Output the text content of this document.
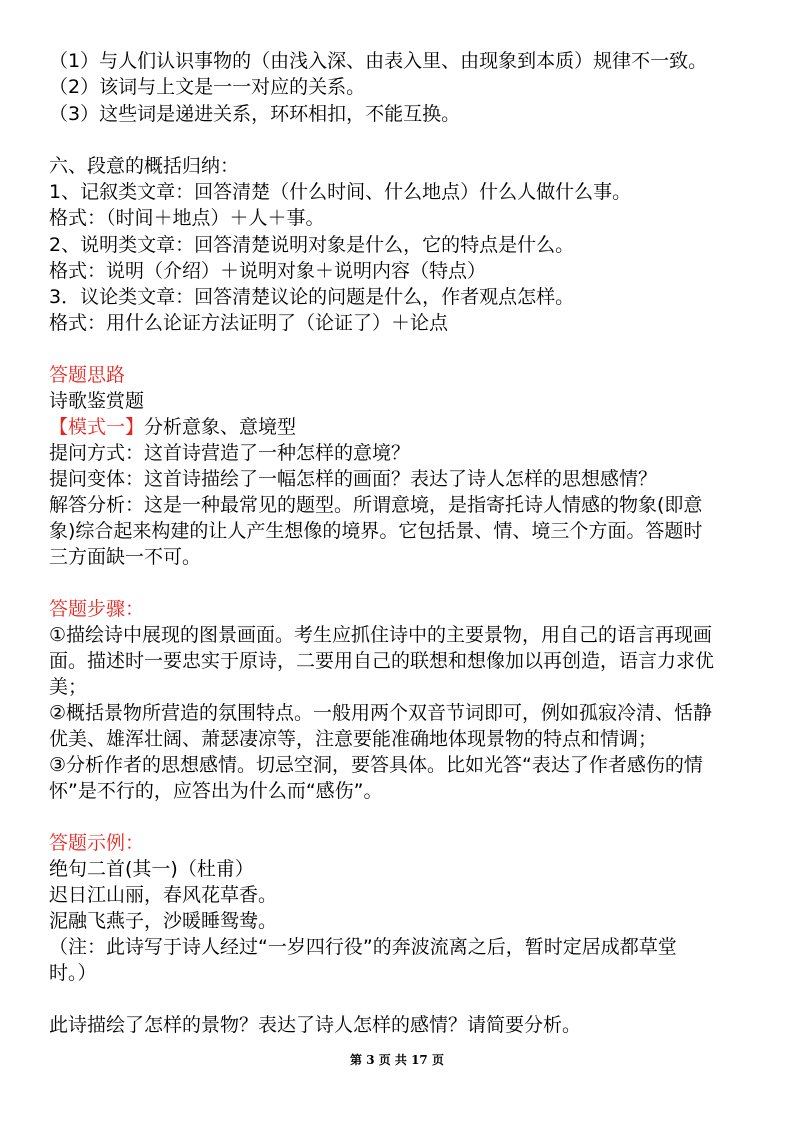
（1）与人们认识事物的（由浅入深、由表入里、由现象到本质）规律不一致。
（2）该词与上文是一一对应的关系。
（3）这些词是递进关系，环环相扣，不能互换。
六、段意的概括归纳：
1、记叙类文章：回答清楚（什么时间、什么地点）什么人做什么事。
格式：（时间＋地点）＋人＋事。
2、说明类文章：回答清楚说明对象是什么，它的特点是什么。
格式：说明（介绍）＋说明对象＋说明内容（特点）
3．议论类文章：回答清楚议论的问题是什么，作者观点怎样。
格式：用什么论证方法证明了（论证了）＋论点
答题思路
诗歌鉴赏题
【模式一】分析意象、意境型
提问方式：这首诗营造了一种怎样的意境？
提问变体：这首诗描绘了一幅怎样的画面？表达了诗人怎样的思想感情？
解答分析：这是一种最常见的题型。所谓意境，是指寄托诗人情感的物象(即意
象)综合起来构建的让人产生想像的境界。它包括景、情、境三个方面。答题时
三方面缺一不可。
答题步骤：
①描绘诗中展现的图景画面。考生应抓住诗中的主要景物，用自己的语言再现画
面。描述时一要忠实于原诗，二要用自己的联想和想像加以再创造，语言力求优
美；
②概括景物所营造的氛围特点。一般用两个双音节词即可，例如孤寂冷清、恬静
优美、雄浑壮阔、萧瑟凄凉等，注意要能准确地体现景物的特点和情调；
③分析作者的思想感情。切忌空洞，要答具体。比如光答“表达了作者感伤的情
怀”是不行的，应答出为什么而“感伤”。
答题示例：
绝句二首(其一)（杜甫）
迟日江山丽，春风花草香。
泥融飞燕子，沙暖睡鸳鸯。
（注：此诗写于诗人经过“一岁四行役”的奔波流离之后，暂时定居成都草堂
时。）
此诗描绘了怎样的景物？表达了诗人怎样的感情？请简要分析。
第 3 页 共 17 页
